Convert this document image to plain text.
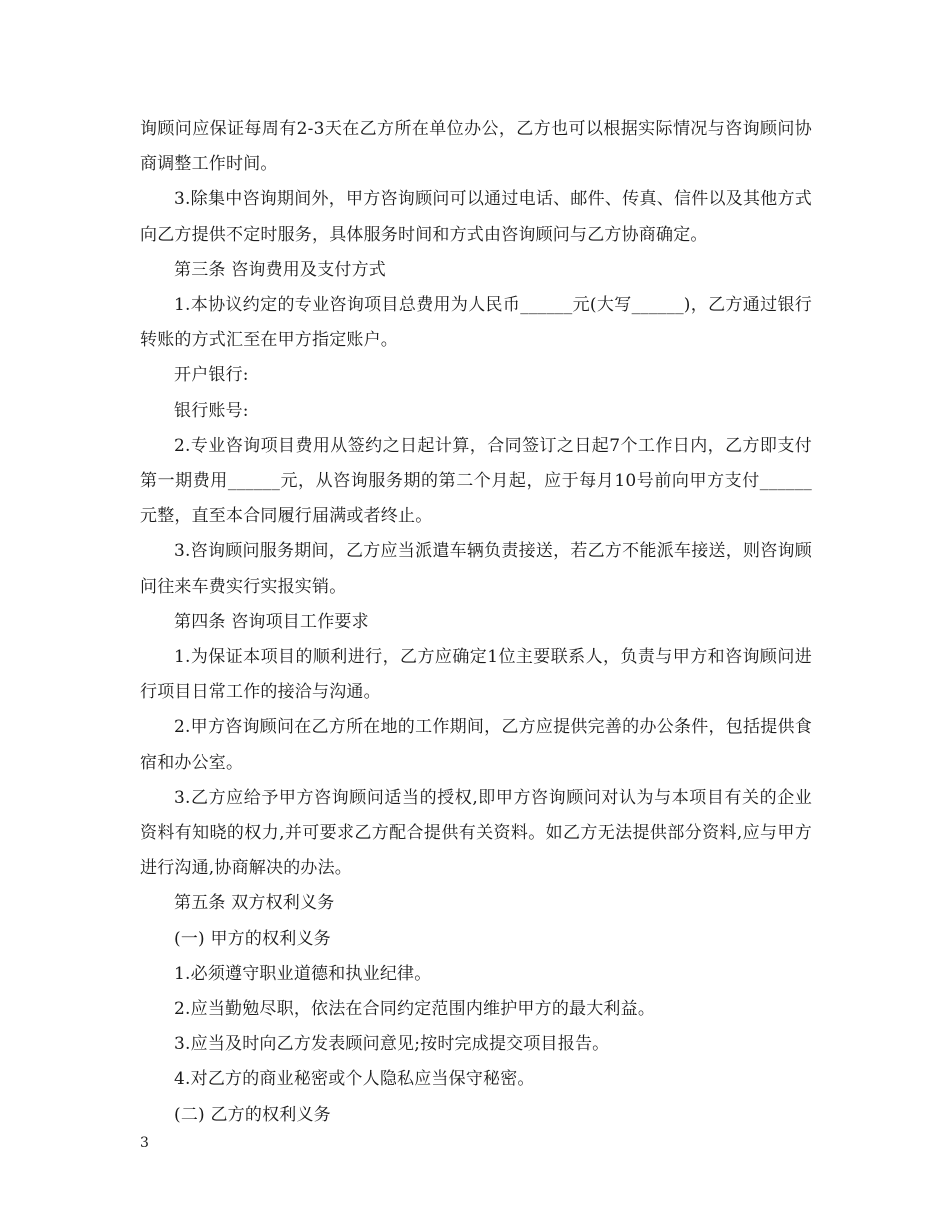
询顾问应保证每周有2-3天在乙方所在单位办公，乙方也可以根据实际情况与咨询顾问协商调整工作时间。

3.除集中咨询期间外，甲方咨询顾问可以通过电话、邮件、传真、信件以及其他方式向乙方提供不定时服务，具体服务时间和方式由咨询顾问与乙方协商确定。

第三条 咨询费用及支付方式

1.本协议约定的专业咨询项目总费用为人民币______元(大写______)，乙方通过银行转账的方式汇至在甲方指定账户。

开户银行:

银行账号:

2.专业咨询项目费用从签约之日起计算，合同签订之日起7个工作日内，乙方即支付第一期费用______元，从咨询服务期的第二个月起，应于每月10号前向甲方支付______元整，直至本合同履行届满或者终止。

3.咨询顾问服务期间，乙方应当派遣车辆负责接送，若乙方不能派车接送，则咨询顾问往来车费实行实报实销。

第四条 咨询项目工作要求

1.为保证本项目的顺利进行，乙方应确定1位主要联系人，负责与甲方和咨询顾问进行项目日常工作的接洽与沟通。

2.甲方咨询顾问在乙方所在地的工作期间，乙方应提供完善的办公条件，包括提供食宿和办公室。

3.乙方应给予甲方咨询顾问适当的授权,即甲方咨询顾问对认为与本项目有关的企业资料有知晓的权力,并可要求乙方配合提供有关资料。如乙方无法提供部分资料,应与甲方进行沟通,协商解决的办法。

第五条 双方权利义务

(一) 甲方的权利义务

1.必须遵守职业道德和执业纪律。

2.应当勤勉尽职，依法在合同约定范围内维护甲方的最大利益。

3.应当及时向乙方发表顾问意见;按时完成提交项目报告。

4.对乙方的商业秘密或个人隐私应当保守秘密。

(二) 乙方的权利义务

3
